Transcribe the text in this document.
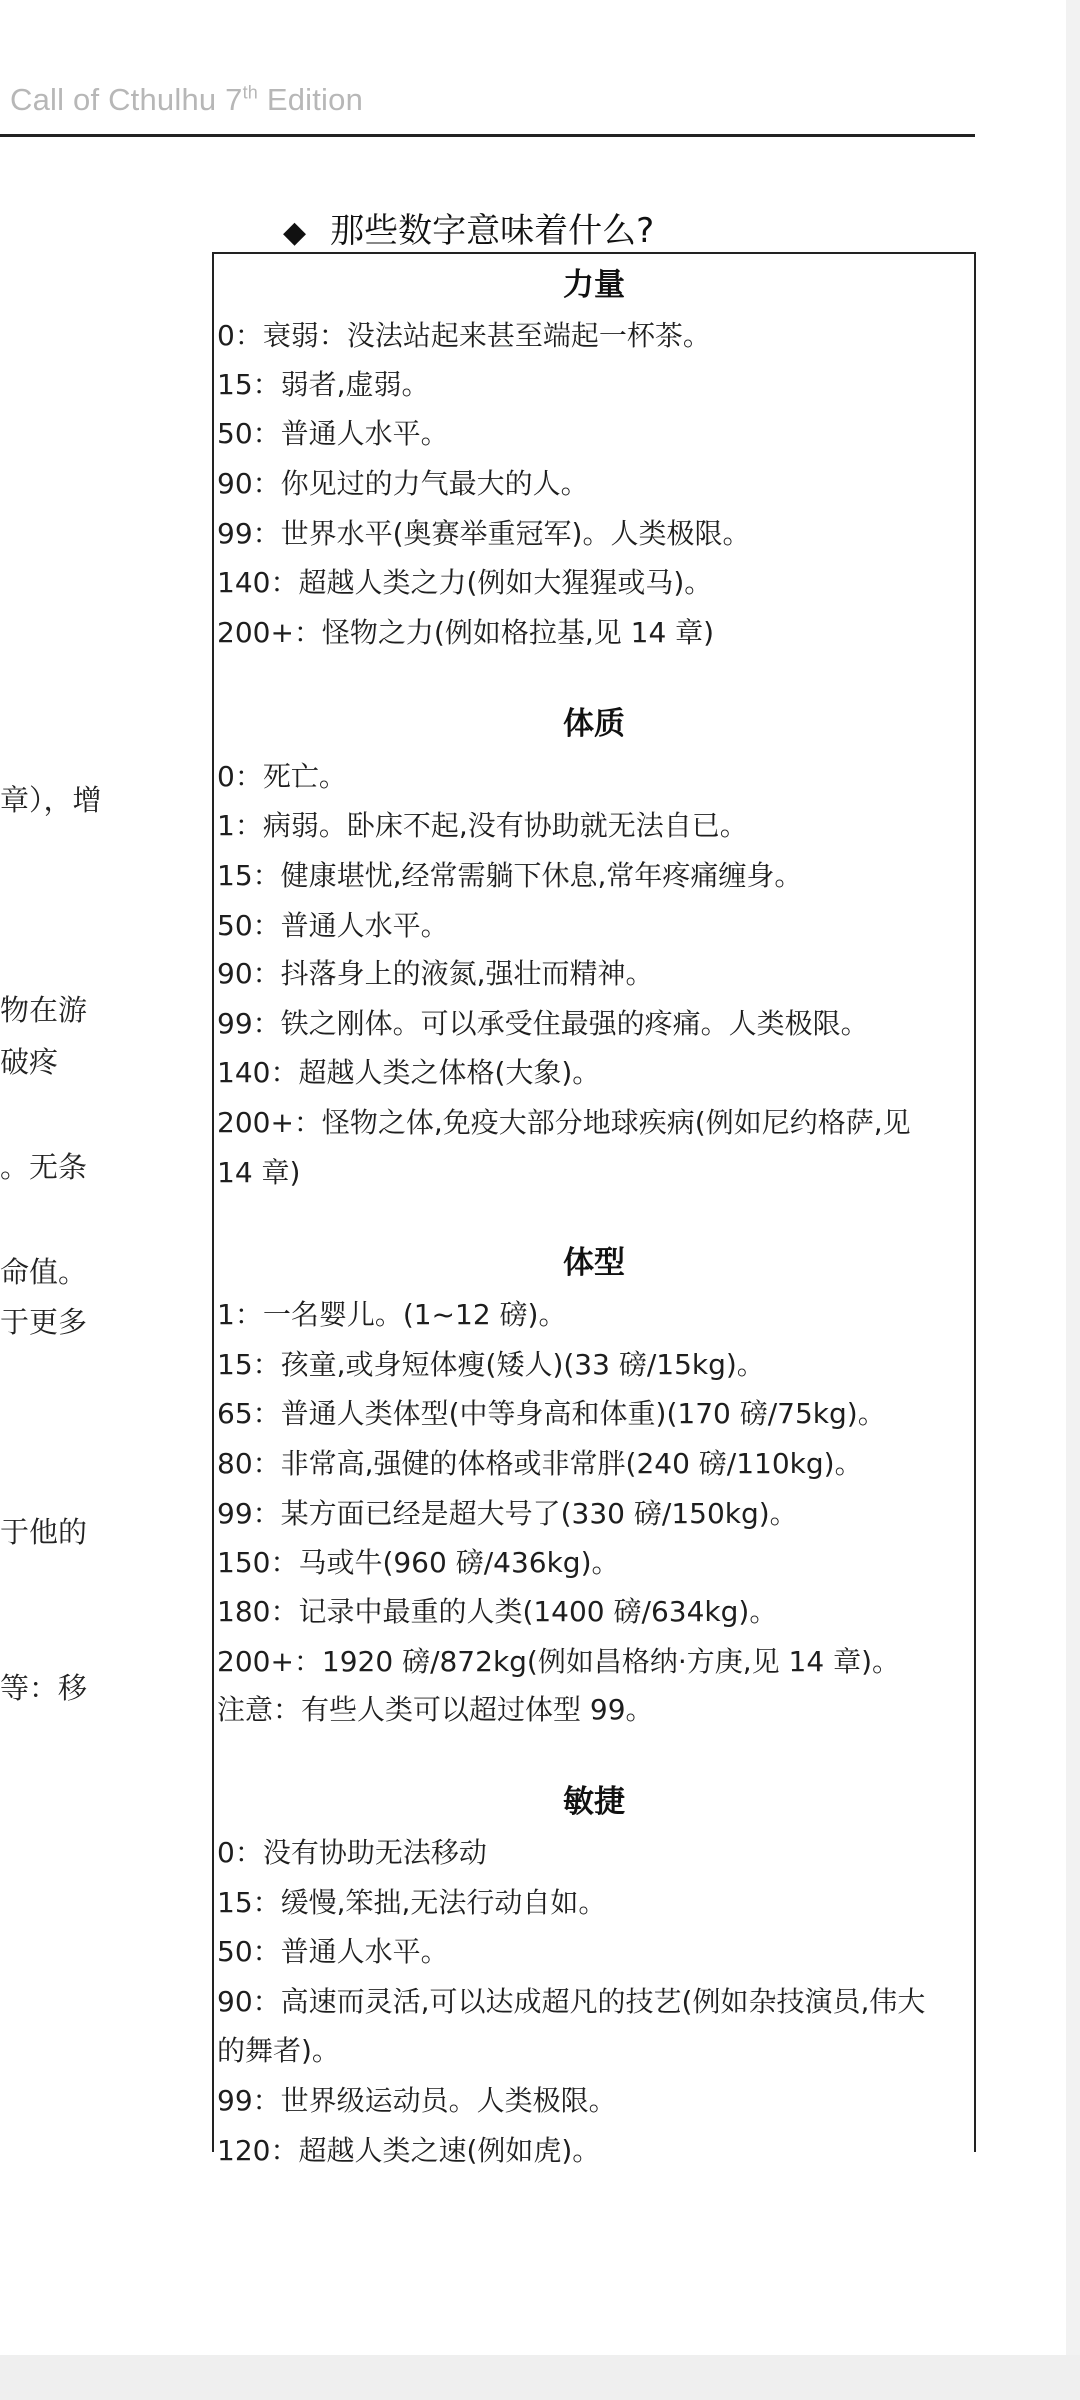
Call of Cthulhu 7th Edition
◆ 那些数字意味着什么?
章），增
物在游
破疼
。无条
命值。
于更多
于他的
等：移
力量
0：衰弱：没法站起来甚至端起一杯茶。
15：弱者,虚弱。
50：普通人水平。
90：你见过的力气最大的人。
99：世界水平(奥赛举重冠军)。人类极限。
140：超越人类之力(例如大猩猩或马)。
200+：怪物之力(例如格拉基,见 14 章)
体质
0：死亡。
1：病弱。卧床不起,没有协助就无法自已。
15：健康堪忧,经常需躺下休息,常年疼痛缠身。
50：普通人水平。
90：抖落身上的液氮,强壮而精神。
99：铁之刚体。可以承受住最强的疼痛。人类极限。
140：超越人类之体格(大象)。
200+：怪物之体,免疫大部分地球疾病(例如尼约格萨,见
14 章)
体型
1：一名婴儿。(1~12 磅)。
15：孩童,或身短体瘦(矮人)(33 磅/15kg)。
65：普通人类体型(中等身高和体重)(170 磅/75kg)。
80：非常高,强健的体格或非常胖(240 磅/110kg)。
99：某方面已经是超大号了(330 磅/150kg)。
150：马或牛(960 磅/436kg)。
180：记录中最重的人类(1400 磅/634kg)。
200+：1920 磅/872kg(例如昌格纳·方庚,见 14 章)。
注意：有些人类可以超过体型 99。
敏捷
0：没有协助无法移动
15：缓慢,笨拙,无法行动自如。
50：普通人水平。
90：高速而灵活,可以达成超凡的技艺(例如杂技演员,伟大
的舞者)。
99：世界级运动员。人类极限。
120：超越人类之速(例如虎)。
